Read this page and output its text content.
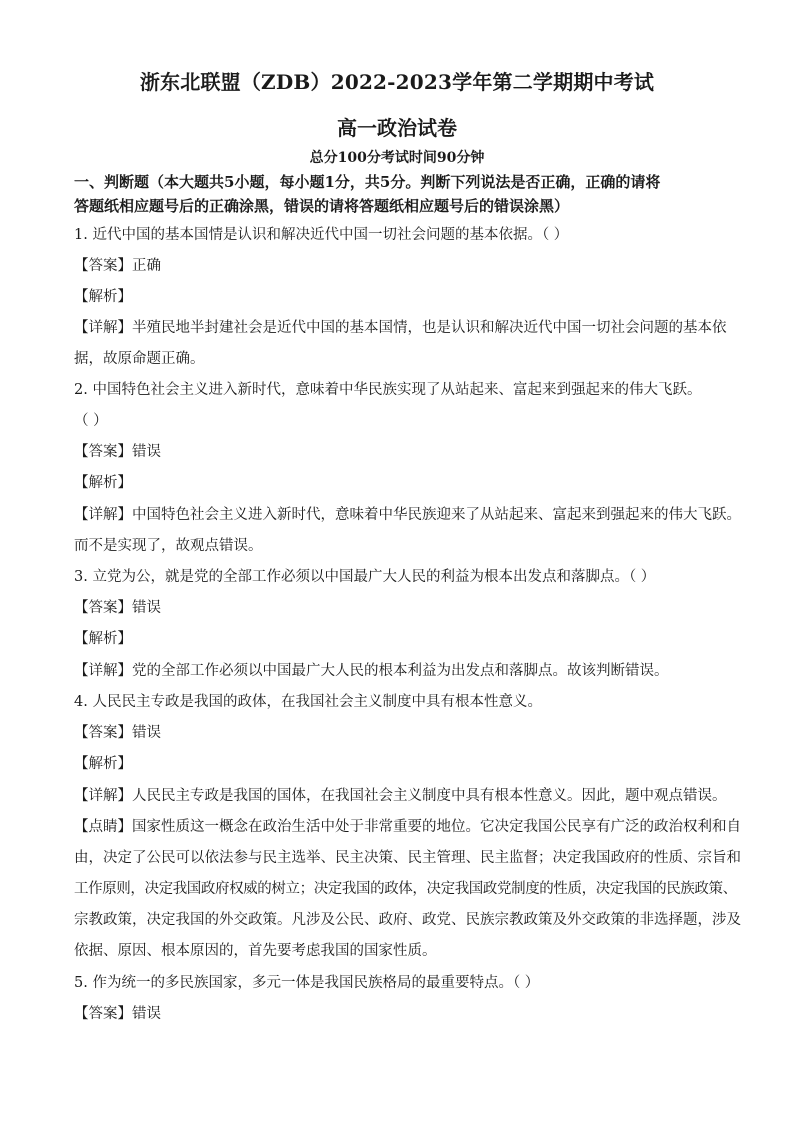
浙东北联盟（ZDB）2022-2023学年第二学期期中考试
高一政治试卷
总分100分考试时间90分钟
一、判断题（本大题共5小题，每小题1分，共5分。判断下列说法是否正确，正确的请将
答题纸相应题号后的正确涂黑，错误的请将答题纸相应题号后的错误涂黑）
1. 近代中国的基本国情是认识和解决近代中国一切社会问题的基本依据。（ ）
【答案】正确
【解析】
【详解】半殖民地半封建社会是近代中国的基本国情，也是认识和解决近代中国一切社会问题的基本依
据，故原命题正确。
2. 中国特色社会主义进入新时代，意味着中华民族实现了从站起来、富起来到强起来的伟大飞跃。
（ ）
【答案】错误
【解析】
【详解】中国特色社会主义进入新时代，意味着中华民族迎来了从站起来、富起来到强起来的伟大飞跃。
而不是实现了，故观点错误。
3. 立党为公，就是党的全部工作必须以中国最广大人民的利益为根本出发点和落脚点。（ ）
【答案】错误
【解析】
【详解】党的全部工作必须以中国最广大人民的根本利益为出发点和落脚点。故该判断错误。
4. 人民民主专政是我国的政体，在我国社会主义制度中具有根本性意义。
【答案】错误
【解析】
【详解】人民民主专政是我国的国体，在我国社会主义制度中具有根本性意义。因此，题中观点错误。
【点睛】国家性质这一概念在政治生活中处于非常重要的地位。它决定我国公民享有广泛的政治权利和自
由，决定了公民可以依法参与民主选举、民主决策、民主管理、民主监督；决定我国政府的性质、宗旨和
工作原则，决定我国政府权威的树立；决定我国的政体，决定我国政党制度的性质，决定我国的民族政策、
宗教政策，决定我国的外交政策。凡涉及公民、政府、政党、民族宗教政策及外交政策的非选择题，涉及
依据、原因、根本原因的，首先要考虑我国的国家性质。
5. 作为统一的多民族国家，多元一体是我国民族格局的最重要特点。（ ）
【答案】错误
